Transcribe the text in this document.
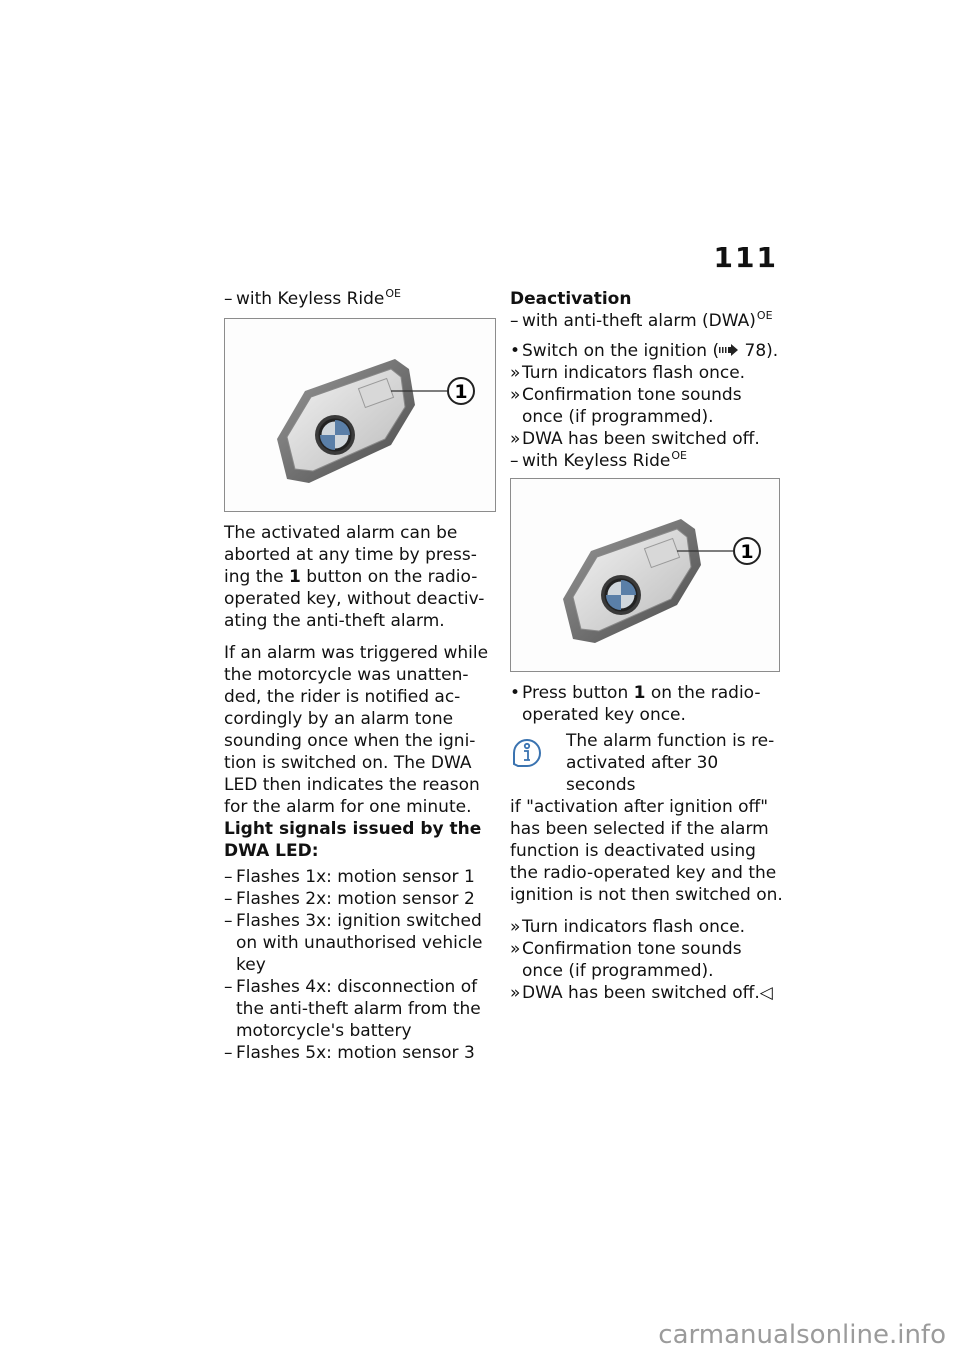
111
– with Keyless Ride$^{OE}$
1

The activated alarm can be aborted at any time by press-ing the 1 button on the radio-operated key, without deactiv-ating the anti-theft alarm.

If an alarm was triggered while the motorcycle was unatten-ded, the rider is notified ac-cordingly by an alarm tone sounding once when the igni-tion is switched on. The DWA LED then indicates the reason for the alarm for one minute.

Light signals issued by the DWA LED:

– Flashes 1x: motion sensor 1
– Flashes 2x: motion sensor 2
– Flashes 3x: ignition switched on with unauthorised vehicle key
– Flashes 4x: disconnection of the anti-theft alarm from the motorcycle's battery
– Flashes 5x: motion sensor 3

Deactivation

– with anti-theft alarm (DWA)$^{OE}$
• Switch on the ignition ( 78).
» Turn indicators flash once.
» Confirmation tone sounds once (if programmed).
» DWA has been switched off.
– with Keyless Ride$^{OE}$
1
• Press button 1 on the radio-operated key once.

The alarm function is re-

activated after 30 seconds

if "activation after ignition off" has been selected if the alarm function is deactivated using the radio-operated key and the ignition is not then switched on.

» Turn indicators flash once.
» Confirmation tone sounds once (if programmed).
» DWA has been switched off.◁
carmanualsonline.info
